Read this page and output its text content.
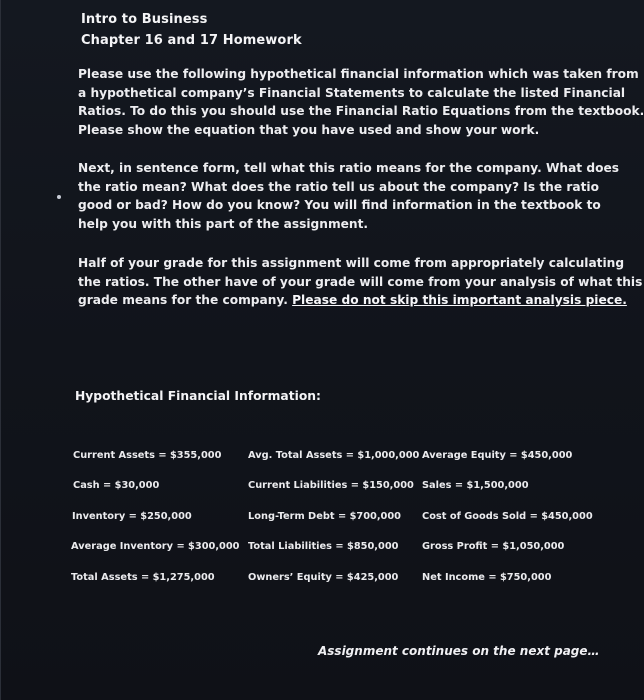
Intro to Business
Chapter 16 and 17 Homework
Please use the following hypothetical financial information which was taken from
a hypothetical company’s Financial Statements to calculate the listed Financial
Ratios. To do this you should use the Financial Ratio Equations from the textbook.
Please show the equation that you have used and show your work.
Next, in sentence form, tell what this ratio means for the company. What does
the ratio mean? What does the ratio tell us about the company? Is the ratio
good or bad? How do you know? You will find information in the textbook to
help you with this part of the assignment.
Half of your grade for this assignment will come from appropriately calculating
the ratios. The other have of your grade will come from your analysis of what this
grade means for the company. Please do not skip this important analysis piece.
Hypothetical Financial Information:
Current Assets = $355,000
Cash = $30,000
Inventory = $250,000
Average Inventory = $300,000
Total Assets = $1,275,000
Avg. Total Assets = $1,000,000
Current Liabilities = $150,000
Long-Term Debt = $700,000
Total Liabilities = $850,000
Owners’ Equity = $425,000
Average Equity = $450,000
Sales = $1,500,000
Cost of Goods Sold = $450,000
Gross Profit = $1,050,000
Net Income = $750,000
Assignment continues on the next page…
